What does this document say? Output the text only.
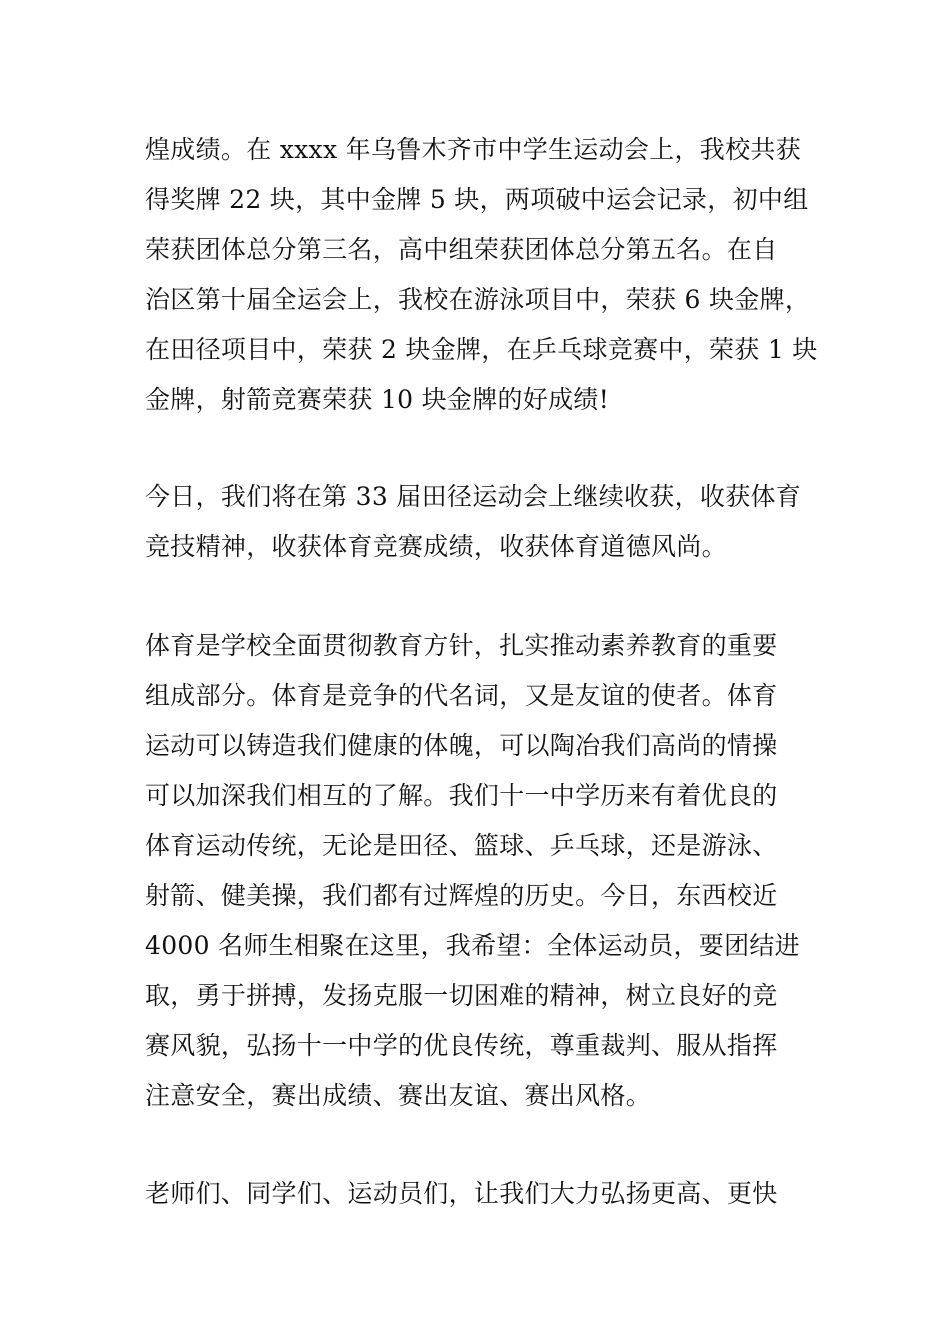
煌成绩。在 xxxx 年乌鲁木齐市中学生运动会上，我校共获
得奖牌 22 块，其中金牌 5 块，两项破中运会记录，初中组
荣获团体总分第三名，高中组荣获团体总分第五名。在自
治区第十届全运会上，我校在游泳项目中，荣获 6 块金牌，
在田径项目中，荣获 2 块金牌，在乒乓球竞赛中，荣获 1 块
金牌，射箭竞赛荣获 10 块金牌的好成绩!
今日，我们将在第 33 届田径运动会上继续收获，收获体育
竞技精神，收获体育竞赛成绩，收获体育道德风尚。
体育是学校全面贯彻教育方针，扎实推动素养教育的重要
组成部分。体育是竞争的代名词，又是友谊的使者。体育
运动可以铸造我们健康的体魄，可以陶冶我们高尚的情操
可以加深我们相互的了解。我们十一中学历来有着优良的
体育运动传统，无论是田径、篮球、乒乓球，还是游泳、
射箭、健美操，我们都有过辉煌的历史。今日，东西校近
4000 名师生相聚在这里，我希望：全体运动员，要团结进
取，勇于拼搏，发扬克服一切困难的精神，树立良好的竞
赛风貌，弘扬十一中学的优良传统，尊重裁判、服从指挥
注意安全，赛出成绩、赛出友谊、赛出风格。
老师们、同学们、运动员们，让我们大力弘扬更高、更快
